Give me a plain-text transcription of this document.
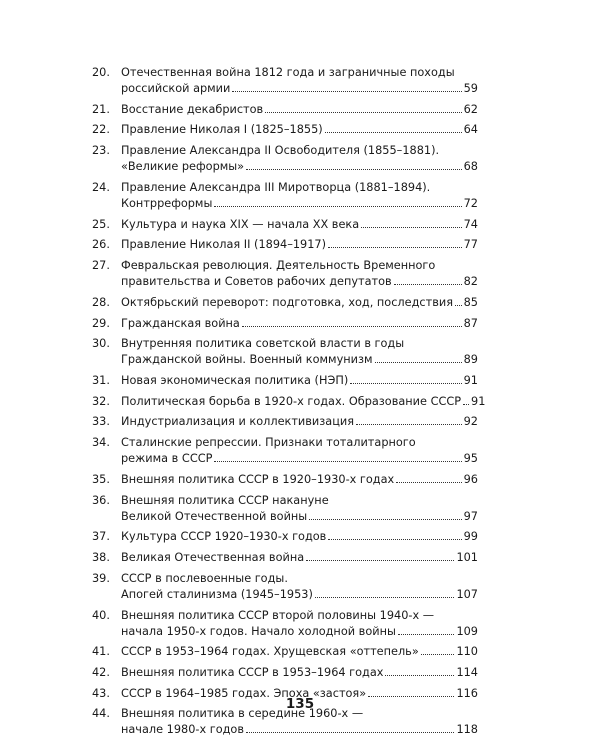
20. Отечественная война 1812 года и заграничные походы
российской армии	59
21. Восстание декабристов	62
22. Правление Николая I (1825–1855)	64
23. Правление Александра II Освободителя (1855–1881).
«Великие реформы»	68
24. Правление Александра III Миротворца (1881–1894).
Контрреформы	72
25. Культура и наука XIX — начала XX века	74
26. Правление Николая II (1894–1917)	77
27. Февральская революция. Деятельность Временного
правительства и Советов рабочих депутатов	82
28. Октябрьский переворот: подготовка, ход, последствия 85
29. Гражданская война	87
30. Внутренняя политика советской власти в годы
Гражданской войны. Военный коммунизм	89
31. Новая экономическая политика (НЭП)	91
32. Политическая борьба в 1920-х годах. Образование СССР 91
33. Индустриализация и коллективизация	92
34. Сталинские репрессии. Признаки тоталитарного
режима в СССР	95
35. Внешняя политика СССР в 1920–1930-х годах	96
36. Внешняя политика СССР накануне
Великой Отечественной войны	97
37. Культура СССР 1920–1930-х годов	99
38. Великая Отечественная война	101
39. СССР в послевоенные годы.
Апогей сталинизма (1945–1953)	107
40. Внешняя политика СССР второй половины 1940-х —
начала 1950-х годов. Начало холодной войны	109
41. СССР в 1953–1964 годах. Хрущевская «оттепель»	110
42. Внешняя политика СССР в 1953–1964 годах	114
43. СССР в 1964–1985 годах. Эпоха «застоя»	116
44. Внешняя политика в середине 1960-х —
начале 1980-х годов	118
135
